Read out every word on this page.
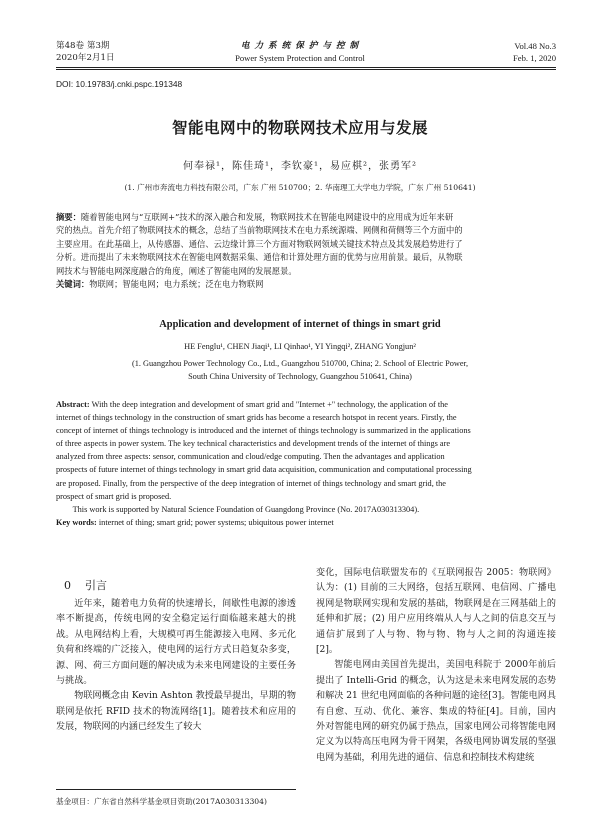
第48卷 第3期
2020年2月1日
电 力 系 统 保 护 与 控 制
Power System Protection and Control
Vol.48 No.3
Feb. 1, 2020
DOI: 10.19783/j.cnki.pspc.191348
智能电网中的物联网技术应用与发展
何奉禄¹，陈佳琦¹，李钦豪¹，易应棋²，张勇军²
(1. 广州市奔流电力科技有限公司，广东 广州 510700；2. 华南理工大学电力学院，广东 广州 510641)
摘要：随着智能电网与“互联网+”技术的深入融合和发展，物联网技术在智能电网建设中的应用成为近年来研
究的热点。首先介绍了物联网技术的概念，总结了当前物联网技术在电力系统源端、网侧和荷侧等三个方面中的
主要应用。在此基础上，从传感器、通信、云边缘计算三个方面对物联网领域关键技术特点及其发展趋势进行了
分析。进而提出了未来物联网技术在智能电网数据采集、通信和计算处理方面的优势与应用前景。最后，从物联
网技术与智能电网深度融合的角度，阐述了智能电网的发展愿景。
关键词：物联网；智能电网；电力系统；泛在电力物联网
Application and development of internet of things in smart grid
HE Fenglu¹, CHEN Jiaqi¹, LI Qinhao¹, YI Yingqi², ZHANG Yongjun²
(1. Guangzhou Power Technology Co., Ltd., Guangzhou 510700, China; 2. School of Electric Power,
South China University of Technology, Guangzhou 510641, China)
Abstract: With the deep integration and development of smart grid and "Internet +" technology, the application of the
internet of things technology in the construction of smart grids has become a research hotspot in recent years. Firstly, the
concept of internet of things technology is introduced and the internet of things technology is summarized in the applications
of three aspects in power system. The key technical characteristics and development trends of the internet of things are
analyzed from three aspects: sensor, communication and cloud/edge computing. Then the advantages and application
prospects of future internet of things technology in smart grid data acquisition, communication and computational processing
are proposed. Finally, from the perspective of the deep integration of internet of things technology and smart grid, the
prospect of smart grid is proposed.
This work is supported by Natural Science Foundation of Guangdong Province (No. 2017A030313304).
Key words: internet of thing; smart grid; power systems; ubiquitous power internet
0 引言

近年来，随着电力负荷的快速增长，间歇性电源的渗透率不断提高，传统电网的安全稳定运行面临越来越大的挑战。从电网结构上看，大规模可再生能源接入电网、多元化负荷和终端的广泛接入，使电网的运行方式日趋复杂多变，源、网、荷三方面问题的解决成为未来电网建设的主要任务与挑战。

物联网概念由 Kevin Ashton 教授最早提出，早期的物联网是依托 RFID 技术的物流网络[1]。随着技术和应用的发展，物联网的内涵已经发生了较大

变化，国际电信联盟发布的《互联网报告 2005：物联网》认为：(1) 目前的三大网络，包括互联网、电信网、广播电视网是物联网实现和发展的基础，物联网是在三网基础上的延伸和扩展；(2) 用户应用终端从人与人之间的信息交互与通信扩展到了人与物、物与物、物与人之间的沟通连接[2]。

智能电网由美国首先提出，美国电科院于 2000年前后提出了 Intelli-Grid 的概念，认为这是未来电网发展的态势和解决 21 世纪电网面临的各种问题的途径[3]。智能电网具有自愈、互动、优化、兼容、集成的特征[4]。目前，国内外对智能电网的研究仍属于热点，国家电网公司将智能电网定义为以特高压电网为骨干网架，各级电网协调发展的坚强电网为基础，利用先进的通信、信息和控制技术构建统

基金项目：广东省自然科学基金项目资助(2017A030313304)
